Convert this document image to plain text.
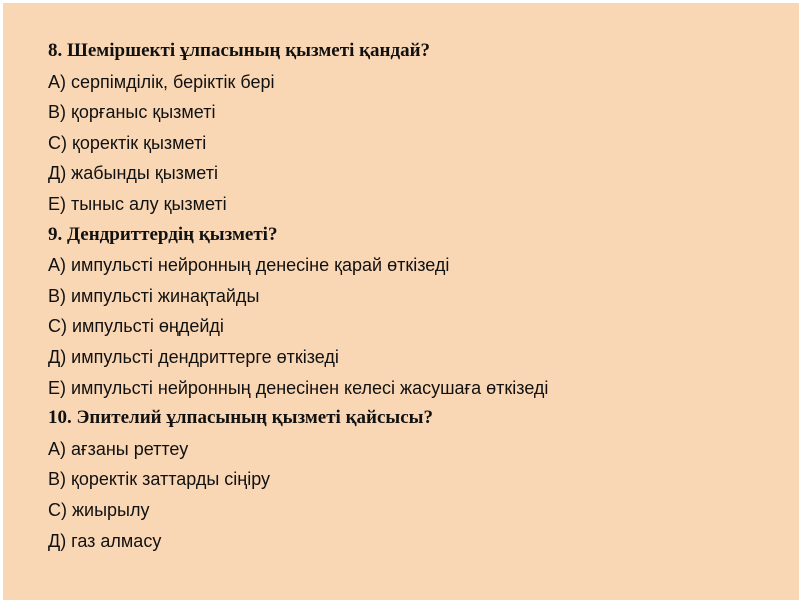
8. Шеміршекті ұлпасының қызметі қандай?
А) серпімділік, беріктік бері
В) қорғаныс қызметі
С) қоректік қызметі
Д) жабынды қызметі
Е) тыныс алу қызметі
9. Дендриттердің қызметі?
А) импульсті нейронның денесіне қарай өткізеді
В) импульсті жинақтайды
С) импульсті өңдейді
Д) импульсті дендриттерге өткізеді
Е) импульсті нейронның денесінен келесі жасушаға өткізеді
10. Эпителий ұлпасының қызметі қайсысы?
А) ағзаны реттеу
В) қоректік заттарды сіңіру
С) жиырылу
Д) газ алмасу
